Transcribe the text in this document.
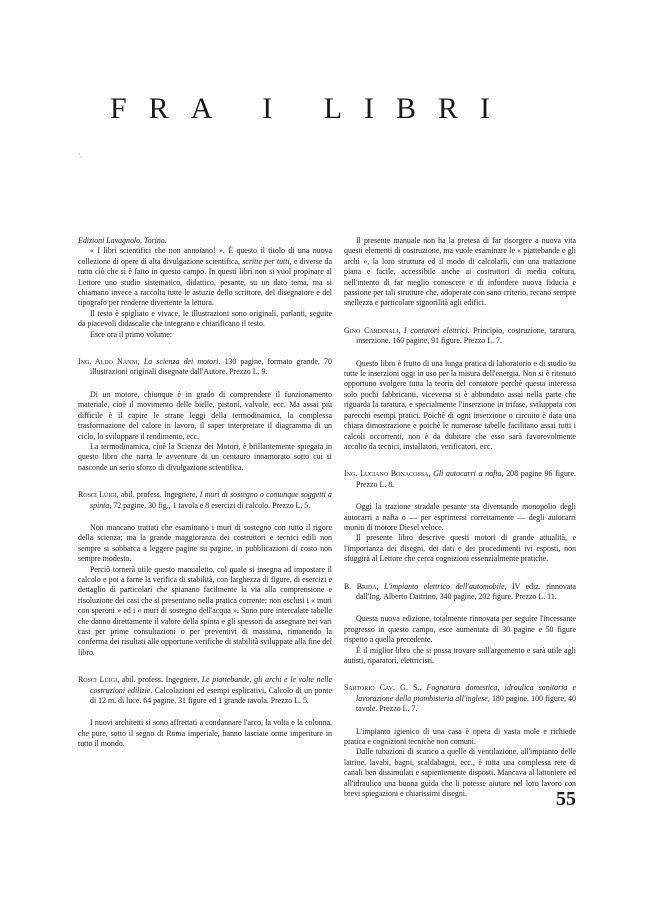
FRA I LIBRI

Edizioni Lavagnolo, Torino.

« I libri scientifici che non annoiano! ». È questo il titolo di una nuova collezione di opere di alta divulgazione scientifica, scritte per tutti, e diverse da tutto ciò che si è fatto in questo campo. In questi libri non si vuol propinare al Lettore uno studio sistematico, didattico, pesante, su un dato tema, ma si chiamano invece a raccolta tutte le astuzie dello scrittore, del disegnatore e del tipografo per renderne divertente la lettura.

Il testo è spigliato e vivace, le illustrazioni sono originali, parlanti, seguite da piacevoli didascalie che integrano e chiarificano il testo.

Esce ora il primo volume:

Ing. Aldo Nanni, La scienza dei motori. 130 pagine, formato grande, 70 illustrazioni originali disegnate dall'Autore. Prezzo L. 9.

Di un motore, chiunque è in grado di comprendere il funzionamento materiale, cioè il movimento delle bielle, pistoni, valvole, ecc. Ma assai più difficile è il capire le strane leggi della termodinamica, la complessa trasformazione del calore in lavoro, il saper interpretare il diagramma di un ciclo, lo sviluppare il rendimento, ecc.

La termodinamica, cioè la Scienza dei Motori, è brillantemente spiegata in questo libro che narra le avventure di un centauro innamorato sotto cui si nasconde un serio sforzo di divulgazione scientifica.

Rosci Luigi, abil. profess. Ingegnere, I muri di sostegno o comunque soggetti a spinta, 72 pagine, 30 fig., 1 tavola e 8 esercizi di calcolo. Prezzo L. 5.

Non mancano trattati che esaminano i muri di sostegno con tutto il rigore della scienza; ma la grande maggioranza dei costruttori e tecnici edili non sempre si sobbarca a leggere pagine su pagine, in pubblicazioni di costo non sempre modesto.

Perciò tornerà utile questo manualetto, col quale si insegna ad impostare il calcolo e poi a farne la verifica di stabilità, con larghezza di figure, di esercizi e dettaglio di particolari che spianano facilmente la via alla comprensione e risoluzione dei casi che si presentano nella pratica corrente; non esclusi i « muri con speroni » ed i « muri di sostegno dell'acqua ». Sono pure intercalate tabelle che danno direttamente il valore della spinta e gli spessori da assegnare nei vari casi per prime consultazioni o per preventivi di massima, rimanendo la conferma dei risultati alle opportune verifiche di stabilità sviluppate alla fine del libro.

Rosci Luigi, abil. profess. Ingegnere, Le piattebande, gli archi e le volte nelle costruzioni edilizie. Calcolazioni ed esempi esplicativi, Calcolo di un ponte di 12 m. di luce. 64 pagine, 31 figure ed 1 grande tavola. Prezzo L. 5.

I nuovi architetti si sono affrettati a condannare l'arco, la volta e la colonna, che pure, sotto il segno di Roma imperiale, hanno lasciate orme imperiture in tutto il mondo.

Il presente manuale non ha la pretesa di far risorgere a nuova vita questi elementi di costruzione, ma vuole esaminare le « piattebande e gli archi », la loro struttura ed il modo di calcolarli, con una trattazione piana e facile, accessibile anche ai costruttori di media coltura, nell'intento di far meglio conoscere e di infondere nuova fiducia e passione per tali strutture che, adoperate con sano criterio, recano sempre snellezza e particolare signorilità agli edifici.

Gino Cardinali, I contatori elettrici. Principio, costruzione, taratura, inserzione. 160 pagine, 91 figure. Prezzo L. 7.

Questo libro è frutto di una lunga pratica di laboratorio e di studio su tutte le inserzioni oggi in uso per la misura dell'energia. Non si è ritenuto opportuno svolgere tutta la teoria del contatore perchè questa interessa solo pochi fabbricanti, viceversa si è abbondato assai nella parte che riguarda la taratura, e specialmente l'inserzione in trifase, sviluppata con parecchi esempi pratici. Poichè di ogni inserzione o circuito è data una chiara dimostrazione e poichè le numerose tabelle facilitano assai tutti i calcoli occorrenti, non è da dubitare che esso sarà favorevolmente accolto da tecnici, installatori, verificatori, ecc.

Ing. Luciano Bonacossa, Gli autocarri a nafta, 208 pagine 96 figure. Prezzo L. 8.

Oggi la trazione stradale pesante sta diventando monopolio degli autocarri a nafta o — per esprimersi correttamente — degli autocarri muniti di motore Diesel veloce.

Il presente libro descrive questi motori di grande attualità, e l'importanza dei disegni, dei dati e dei procedimenti ivi esposti, non sfuggirà al Lettore che cerca cognizioni essenzialmente pratiche.

B. Brida, L'impianto elettrico dell'automobile, IV ediz. rinnovata dall'Ing. Alberto Dattrino, 340 pagine, 202 figure. Prezzo L. 11.

Questa nuova edizione, totalmente rinnovata per seguire l'incessante progresso in questo campo, esce aumentata di 30 pagine e 50 figure rispetto a quella precedente.

È il miglior libro che si possa trovare sull'argomento e sarà utile agli autisti, riparatori, elettricisti.

Sartorio Cav. G. S., Fognatura domestica, idraulica sanitaria e lavorazione della piombisteria all'inglese, 180 pagine, 100 figure, 40 tavole. Prezzo L. 7.

L'impianto igienico di una casa è opera di vasta mole e richiede pratica e cognizioni tecniche non comuni.

Dalle tubazioni di scarico a quelle di ventilazione, all'impianto delle latrine, lavabi, bagni, scaldabagni, ecc., è tutta una complessa rete di canali ben dissimulati e sapientemente disposti. Mancava al lattoniere ed all'idraulico una buona guida che li potesse aiutare nel loro lavoro con brevi spiegazioni e chiarissimi disegni.	55
